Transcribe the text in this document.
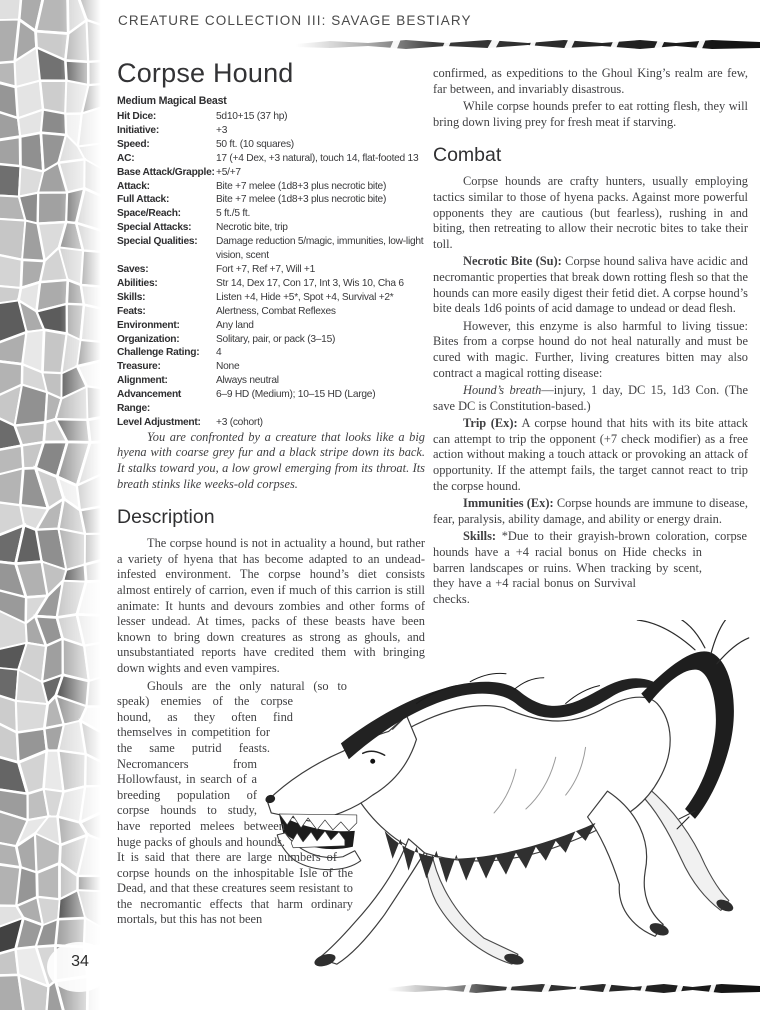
34
CREATURE COLLECTION III: SAVAGE BESTIARY
Corpse Hound
Medium Magical Beast
Hit Dice:	5d10+15 (37 hp)
Initiative:	+3
Speed:	50 ft. (10 squares)
AC:	17 (+4 Dex, +3 natural), touch 14, flat-footed 13
Base Attack/Grapple: +5/+7
Attack:	Bite +7 melee (1d8+3 plus necrotic bite)
Full Attack:	Bite +7 melee (1d8+3 plus necrotic bite)
Space/Reach:	5 ft./5 ft.
Special Attacks:	Necrotic bite, trip
Special Qualities:	Damage reduction 5/magic, immunities, low-light vision, scent
Saves:	Fort +7, Ref +7, Will +1
Abilities:	Str 14, Dex 17, Con 17, Int 3, Wis 10, Cha 6
Skills:	Listen +4, Hide +5*, Spot +4, Survival +2*
Feats:	Alertness, Combat Reflexes
Environment:	Any land
Organization:	Solitary, pair, or pack (3–15)
Challenge Rating:	4
Treasure:	None
Alignment:	Always neutral
Advancement Range:
6–9 HD (Medium); 10–15 HD (Large)
Level Adjustment:	+3 (cohort)

You are confronted by a creature that looks like a big hyena with coarse grey fur and a black stripe down its back. It stalks toward you, a low growl emerging from its throat. Its breath stinks like weeks-old corpses.

Description

The corpse hound is not in actuality a hound, but rather a variety of hyena that has become adapted to an undead-infested environment. The corpse hound’s diet consists almost entirely of carrion, even if much of this carrion is still animate: It hunts and devours zombies and other forms of lesser undead. At times, packs of these beasts have been known to bring down creatures as strong as ghouls, and unsubstantiated reports have credited them with bringing down wights and even vampires.

Ghouls are the only natural (so to speak) enemies of the corpse hound, as they often find themselves in competition for the same putrid feasts. Necromancers from Hollowfaust, in search of a breeding population of corpse hounds to study, have reported melees between huge packs of ghouls and hounds. It is said that there are large numbers of corpse hounds on the inhospitable Isle of the Dead, and that these creatures seem resistant to the necromantic effects that harm ordinary mortals, but this has not been

confirmed, as expeditions to the Ghoul King’s realm are few, far between, and invariably disastrous.

While corpse hounds prefer to eat rotting flesh, they will bring down living prey for fresh meat if starving.

Combat

Corpse hounds are crafty hunters, usually employing tactics similar to those of hyena packs. Against more powerful opponents they are cautious (but fearless), rushing in and biting, then retreating to allow their necrotic bites to take their toll.

Necrotic Bite (Su): Corpse hound saliva have acidic and necromantic properties that break down rotting flesh so that the hounds can more easily digest their fetid diet. A corpse hound’s bite deals 1d6 points of acid damage to undead or dead flesh.

However, this enzyme is also harmful to living tissue: Bites from a corpse hound do not heal naturally and must be cured with magic. Further, living creatures bitten may also contract a magical rotting disease:

Hound’s breath—injury, 1 day, DC 15, 1d3 Con. (The save DC is Constitution-based.)

Trip (Ex): A corpse hound that hits with its bite attack can attempt to trip the opponent (+7 check modifier) as a free action without making a touch attack or provoking an attack of opportunity. If the attempt fails, the target cannot react to trip the corpse hound.

Immunities (Ex): Corpse hounds are immune to disease, fear, paralysis, ability damage, and ability or energy drain.

Skills: *Due to their grayish-brown coloration, corpse hounds have a +4 racial bonus on Hide checks in barren landscapes or ruins. When tracking by scent, they have a +4 racial bonus on Survival checks.
